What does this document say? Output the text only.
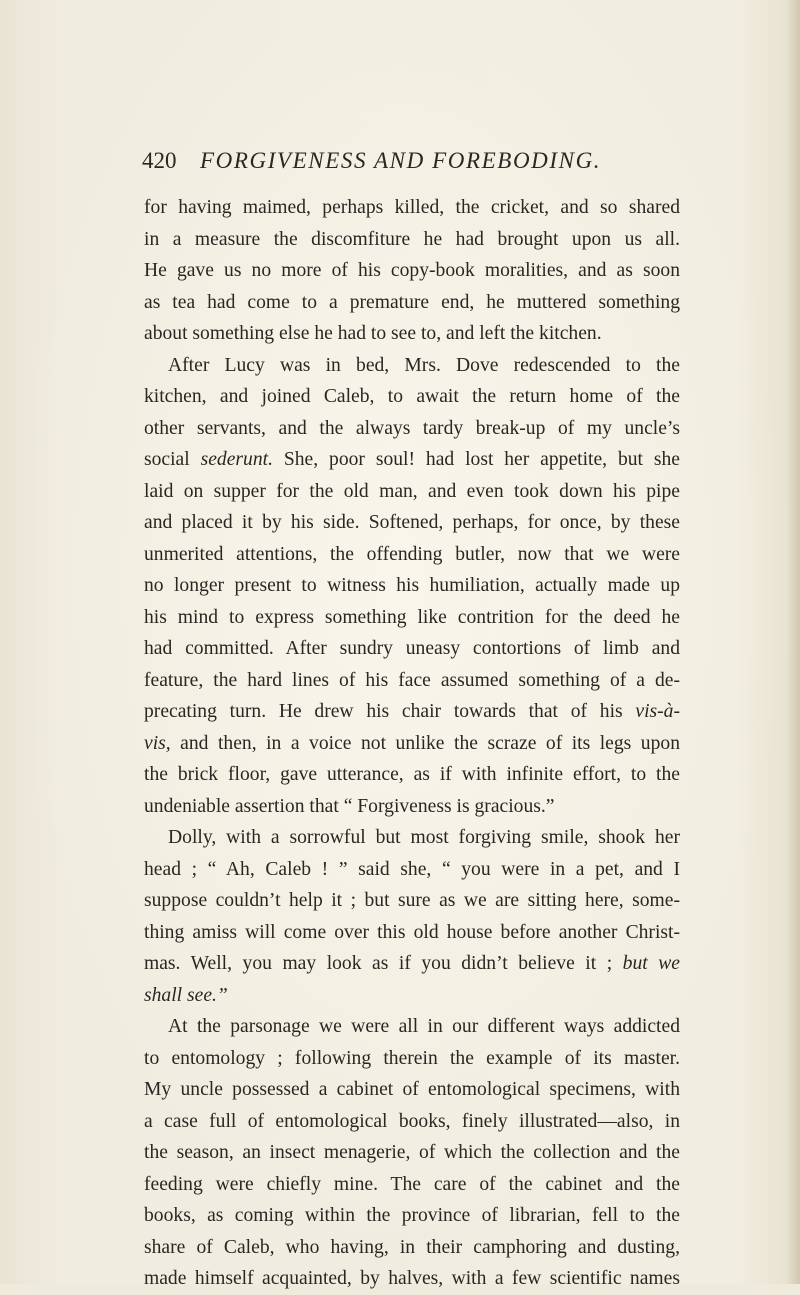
420 FORGIVENESS AND FOREBODING.
for having maimed, perhaps killed, the cricket, and so shared
in a measure the discomfiture he had brought upon us all.
He gave us no more of his copy-book moralities, and as soon
as tea had come to a premature end, he muttered something
about something else he had to see to, and left the kitchen.
After Lucy was in bed, Mrs. Dove redescended to the
kitchen, and joined Caleb, to await the return home of the
other servants, and the always tardy break-up of my uncle’s
social sederunt. She, poor soul! had lost her appetite, but she
laid on supper for the old man, and even took down his pipe
and placed it by his side. Softened, perhaps, for once, by these
unmerited attentions, the offending butler, now that we were
no longer present to witness his humiliation, actually made up
his mind to express something like contrition for the deed he
had committed. After sundry uneasy contortions of limb and
feature, the hard lines of his face assumed something of a de-
precating turn. He drew his chair towards that of his vis-à-
vis, and then, in a voice not unlike the scraze of its legs upon
the brick floor, gave utterance, as if with infinite effort, to the
undeniable assertion that “ Forgiveness is gracious.”
Dolly, with a sorrowful but most forgiving smile, shook her
head ; “ Ah, Caleb ! ” said she, “ you were in a pet, and I
suppose couldn’t help it ; but sure as we are sitting here, some-
thing amiss will come over this old house before another Christ-
mas. Well, you may look as if you didn’t believe it ; but we
shall see.”
At the parsonage we were all in our different ways addicted
to entomology ; following therein the example of its master.
My uncle possessed a cabinet of entomological specimens, with
a case full of entomological books, finely illustrated—also, in
the season, an insect menagerie, of which the collection and the
feeding were chiefly mine. The care of the cabinet and the
books, as coming within the province of librarian, fell to the
share of Caleb, who having, in their camphoring and dusting,
made himself acquainted, by halves, with a few scientific names
